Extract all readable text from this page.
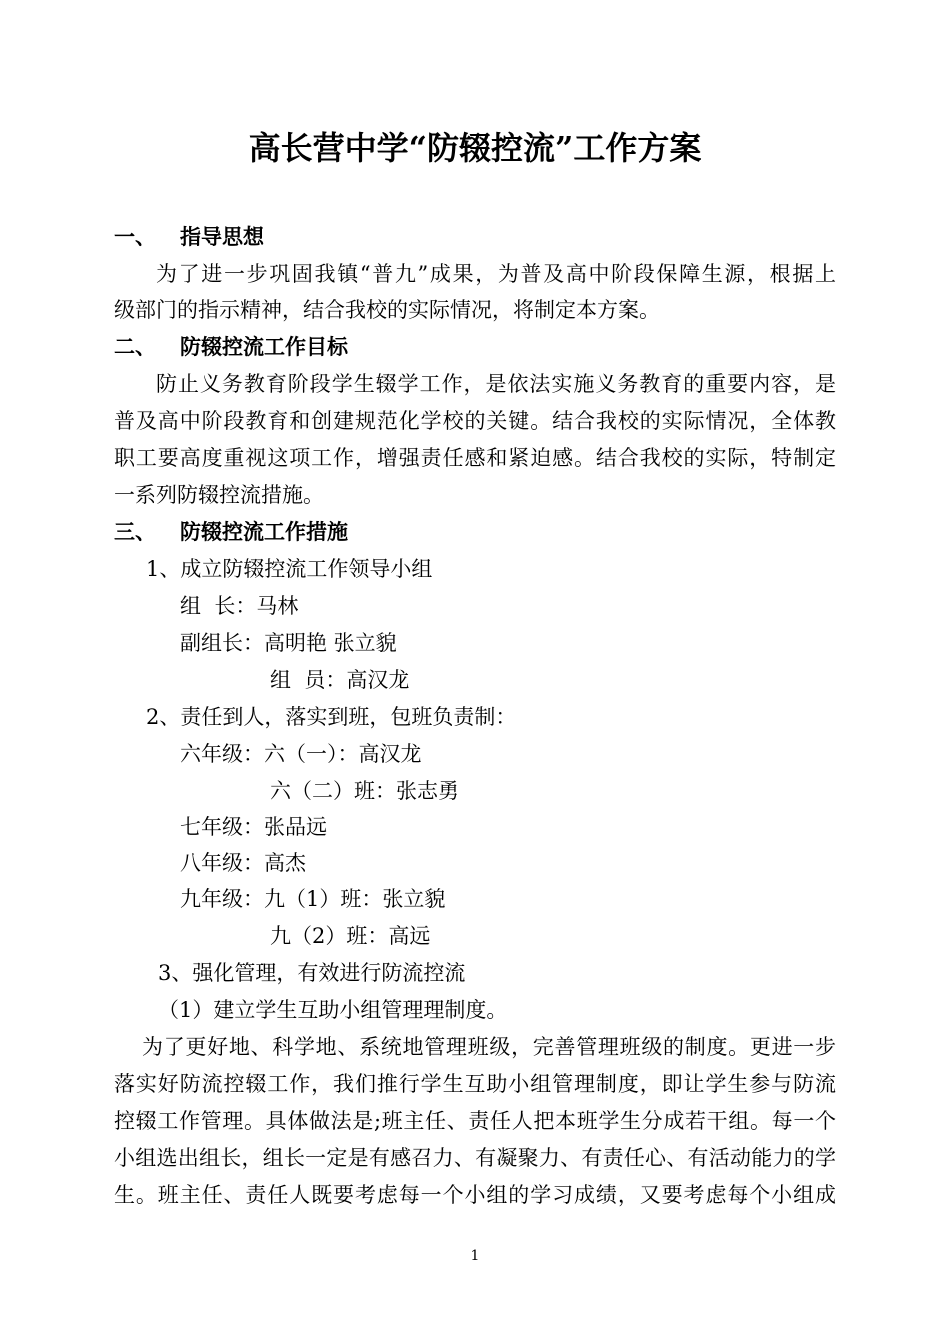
高长营中学“防辍控流”工作方案
一、 指导思想
为了进一步巩固我镇“普九”成果，为普及高中阶段保障生源，根据上
级部门的指示精神，结合我校的实际情况，将制定本方案。
二、 防辍控流工作目标
防止义务教育阶段学生辍学工作，是依法实施义务教育的重要内容，是
普及高中阶段教育和创建规范化学校的关键。结合我校的实际情况，全体教
职工要高度重视这项工作，增强责任感和紧迫感。结合我校的实际，特制定
一系列防辍控流措施。
三、 防辍控流工作措施
1、成立防辍控流工作领导小组
组  长：马林
副组长：高明艳 张立貌
组  员：高汉龙
2、责任到人，落实到班，包班负责制：
六年级：六（一）：高汉龙
六（二）班：张志勇
七年级：张品远
八年级：高杰
九年级：九（1）班：张立貌
九（2）班：高远
3、强化管理，有效进行防流控流
（1）建立学生互助小组管理理制度。
为了更好地、科学地、系统地管理班级，完善管理班级的制度。更进一步
落实好防流控辍工作，我们推行学生互助小组管理制度，即让学生参与防流
控辍工作管理。具体做法是;班主任、责任人把本班学生分成若干组。每一个
小组选出组长，组长一定是有感召力、有凝聚力、有责任心、有活动能力的学
生。班主任、责任人既要考虑每一个小组的学习成绩，又要考虑每个小组成
1
